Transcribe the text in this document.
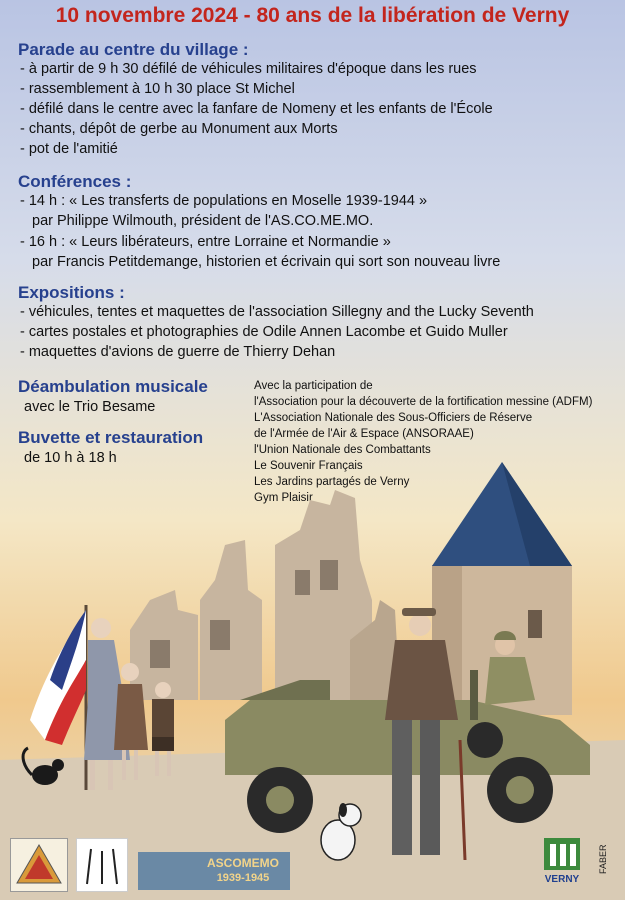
10 novembre 2024 - 80 ans de la libération de Verny
Parade au centre du village :
- à partir de 9 h 30 défilé de véhicules militaires d'époque dans les rues
- rassemblement à 10 h 30 place St Michel
- défilé dans le centre avec la fanfare de Nomeny et les enfants de l'École
- chants, dépôt de gerbe au Monument aux Morts
- pot de l'amitié
Conférences :
- 14 h : « Les transferts de populations en Moselle 1939-1944 »
par Philippe Wilmouth, président de l'AS.CO.ME.MO.
- 16 h : « Leurs libérateurs, entre Lorraine et Normandie »
par Francis Petitdemange, historien et écrivain qui sort son nouveau livre
Expositions :
- véhicules, tentes et maquettes de l'association Sillegny and the Lucky Seventh
- cartes postales et photographies de Odile Annen Lacombe et Guido Muller
- maquettes d'avions de guerre de Thierry Dehan
Déambulation musicale
avec le Trio Besame
Buvette et restauration
de 10 h à 18 h
Avec la participation de
l'Association pour la découverte de la fortification messine (ADFM)
L'Association Nationale des Sous-Officiers de Réserve
de l'Armée de l'Air & Espace (ANSORAAE)
l'Union Nationale des Combattants
Le Souvenir Français
Les Jardins partagés de Verny
Gym Plaisir
ASCOMEMO
1939-1945	VERNY
FABER
